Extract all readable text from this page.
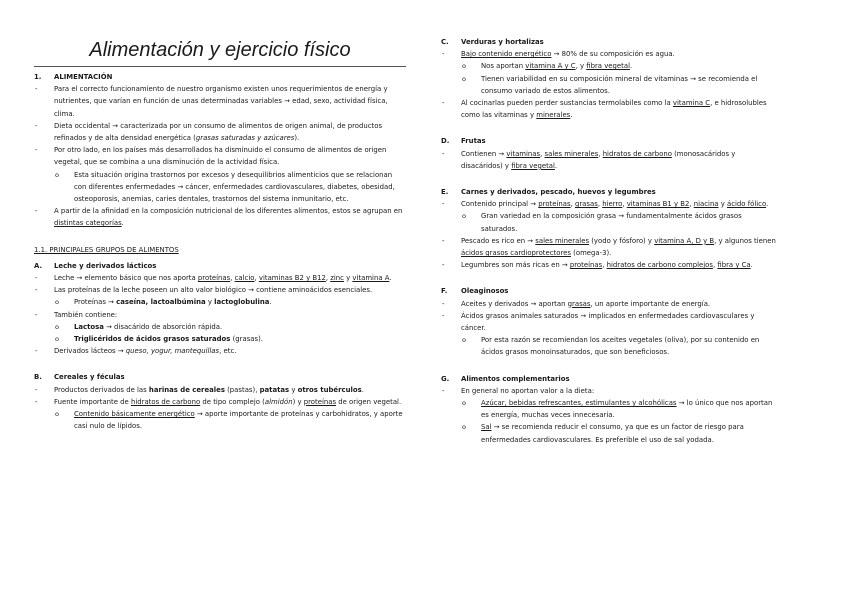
Alimentación y ejercicio físico
1. ALIMENTACIÓN
- Para el correcto funcionamiento de nuestro organismo existen unos requerimientos de energía y nutrientes, que varían en función de unas determinadas variables → edad, sexo, actividad física, clima.
- Dieta occidental → caracterizada por un consumo de alimentos de origen animal, de productos refinados y de alta densidad energética (grasas saturadas y azúcares).
- Por otro lado, en los países más desarrollados ha disminuido el consumo de alimentos de origen vegetal, que se combina a una disminución de la actividad física.
o Esta situación origina trastornos por excesos y desequilibrios alimenticios que se relacionan con diferentes enfermedades → cáncer, enfermedades cardiovasculares, diabetes, obesidad, osteoporosis, anemias, caries dentales, trastornos del sistema inmunitario, etc.
- A partir de la afinidad en la composición nutricional de los diferentes alimentos, estos se agrupan en distintas categorías.
1.1. PRINCIPALES GRUPOS DE ALIMENTOS
A. Leche y derivados lácticos
- Leche → elemento básico que nos aporta proteínas, calcio, vitaminas B2 y B12, zinc y vitamina A.
- Las proteínas de la leche poseen un alto valor biológico → contiene aminoácidos esenciales.
o Proteínas → caseína, lactoalbúmina y lactoglobulina.
- También contiene:
o Lactosa → disacárido de absorción rápida.
o Triglicéridos de ácidos grasos saturados (grasas).
- Derivados lácteos → queso, yogur, mantequillas, etc.
B. Cereales y féculas
- Productos derivados de las harinas de cereales (pastas), patatas y otros tubérculos.
- Fuente importante de hidratos de carbono de tipo complejo (almidón) y proteínas de origen vegetal.
o Contenido básicamente energético → aporte importante de proteínas y carbohidratos, y aporte casi nulo de lípidos.
C. Verduras y hortalizas
- Bajo contenido energético → 80% de su composición es agua.
o Nos aportan vitamina A y C, y fibra vegetal.
o Tienen variabilidad en su composición mineral de vitaminas → se recomienda el consumo variado de estos alimentos.
- Al cocinarlas pueden perder sustancias termolabiles como la vitamina C, e hidrosolubles como las vitaminas y minerales.
D. Frutas
- Contienen → vitaminas, sales minerales, hidratos de carbono (monosacáridos y disacáridos) y fibra vegetal.
E. Carnes y derivados, pescado, huevos y legumbres
- Contenido principal → proteínas, grasas, hierro, vitaminas B1 y B2, niacina y ácido fólico.
o Gran variedad en la composición grasa → fundamentalmente ácidos grasos saturados.
- Pescado es rico en → sales minerales (yodo y fósforo) y vitamina A, D y B, y algunos tienen ácidos grasos cardioprotectores (omega-3).
- Legumbres son más ricas en → proteínas, hidratos de carbono complejos, fibra y Ca.
F. Oleaginosos
- Aceites y derivados → aportan grasas, un aporte importante de energía.
- Ácidos grasos animales saturados → implicados en enfermedades cardiovasculares y cáncer.
o Por esta razón se recomiendan los aceites vegetales (oliva), por su contenido en ácidos grasos monoinsaturados, que son beneficiosos.
G. Alimentos complementarios
- En general no aportan valor a la dieta:
o Azúcar, bebidas refrescantes, estimulantes y alcohólicas → lo único que nos aportan es energía, muchas veces innecesaria.
o Sal → se recomienda reducir el consumo, ya que es un factor de riesgo para enfermedades cardiovasculares. Es preferible el uso de sal yodada.
